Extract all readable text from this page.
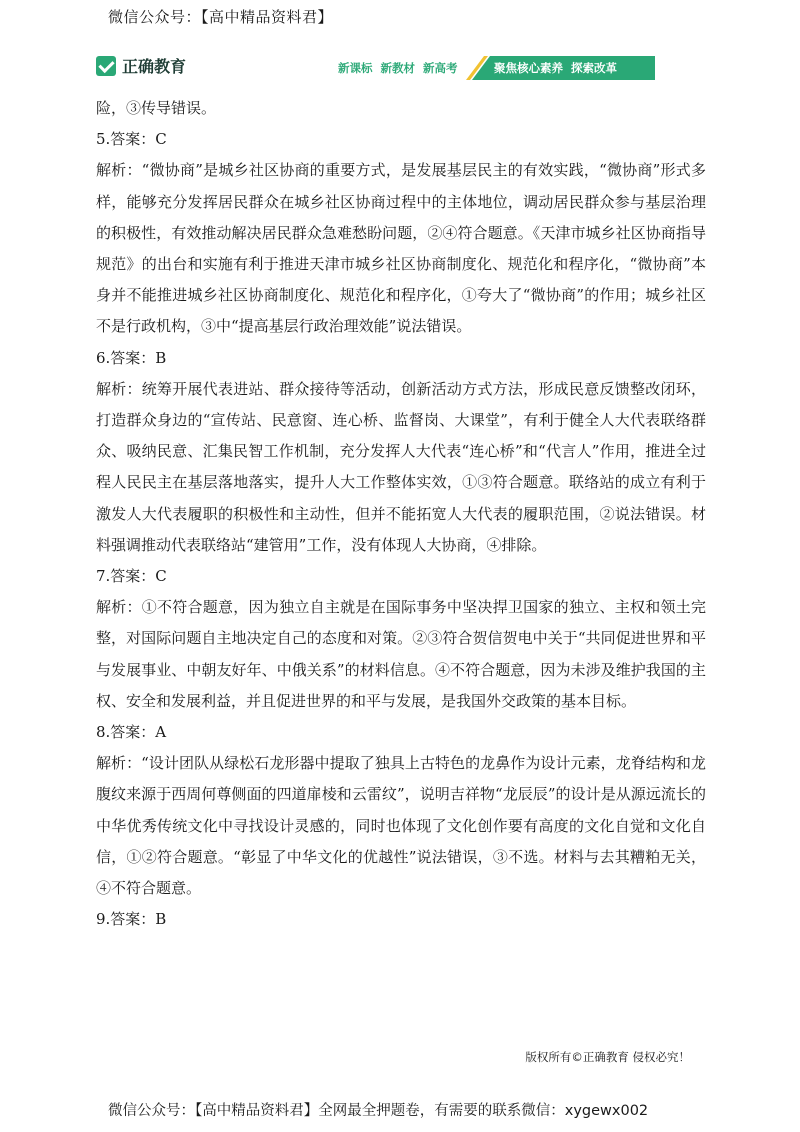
微信公众号：【高中精品资料君】
正确教育	新课标 新教材 新高考	聚焦核心素养 探索改革

险，③传导错误。

5.答案：C

解析：“微协商”是城乡社区协商的重要方式，是发展基层民主的有效实践，“微协商”形式多样，能够充分发挥居民群众在城乡社区协商过程中的主体地位，调动居民群众参与基层治理的积极性，有效推动解决居民群众急难愁盼问题，②④符合题意。《天津市城乡社区协商指导规范》的出台和实施有利于推进天津市城乡社区协商制度化、规范化和程序化，“微协商”本身并不能推进城乡社区协商制度化、规范化和程序化，①夸大了“微协商”的作用；城乡社区不是行政机构，③中“提高基层行政治理效能”说法错误。

6.答案：B

解析：统筹开展代表进站、群众接待等活动，创新活动方式方法，形成民意反馈整改闭环，打造群众身边的“宣传站、民意窗、连心桥、监督岗、大课堂”，有利于健全人大代表联络群众、吸纳民意、汇集民智工作机制，充分发挥人大代表“连心桥”和“代言人”作用，推进全过程人民民主在基层落地落实，提升人大工作整体实效，①③符合题意。联络站的成立有利于激发人大代表履职的积极性和主动性，但并不能拓宽人大代表的履职范围，②说法错误。材料强调推动代表联络站“建管用”工作，没有体现人大协商，④排除。

7.答案：C

解析：①不符合题意，因为独立自主就是在国际事务中坚决捍卫国家的独立、主权和领土完整，对国际问题自主地决定自己的态度和对策。②③符合贺信贺电中关于“共同促进世界和平与发展事业、中朝友好年、中俄关系”的材料信息。④不符合题意，因为未涉及维护我国的主权、安全和发展利益，并且促进世界的和平与发展，是我国外交政策的基本目标。

8.答案：A

解析：“设计团队从绿松石龙形器中提取了独具上古特色的龙鼻作为设计元素，龙脊结构和龙腹纹来源于西周何尊侧面的四道扉棱和云雷纹”，说明吉祥物“龙辰辰”的设计是从源远流长的中华优秀传统文化中寻找设计灵感的，同时也体现了文化创作要有高度的文化自觉和文化自信，①②符合题意。“彰显了中华文化的优越性”说法错误，③不选。材料与去其糟粕无关，④不符合题意。

9.答案：B

版权所有©正确教育 侵权必究！
微信公众号：【高中精品资料君】全网最全押题卷，有需要的联系微信：xygewx002
